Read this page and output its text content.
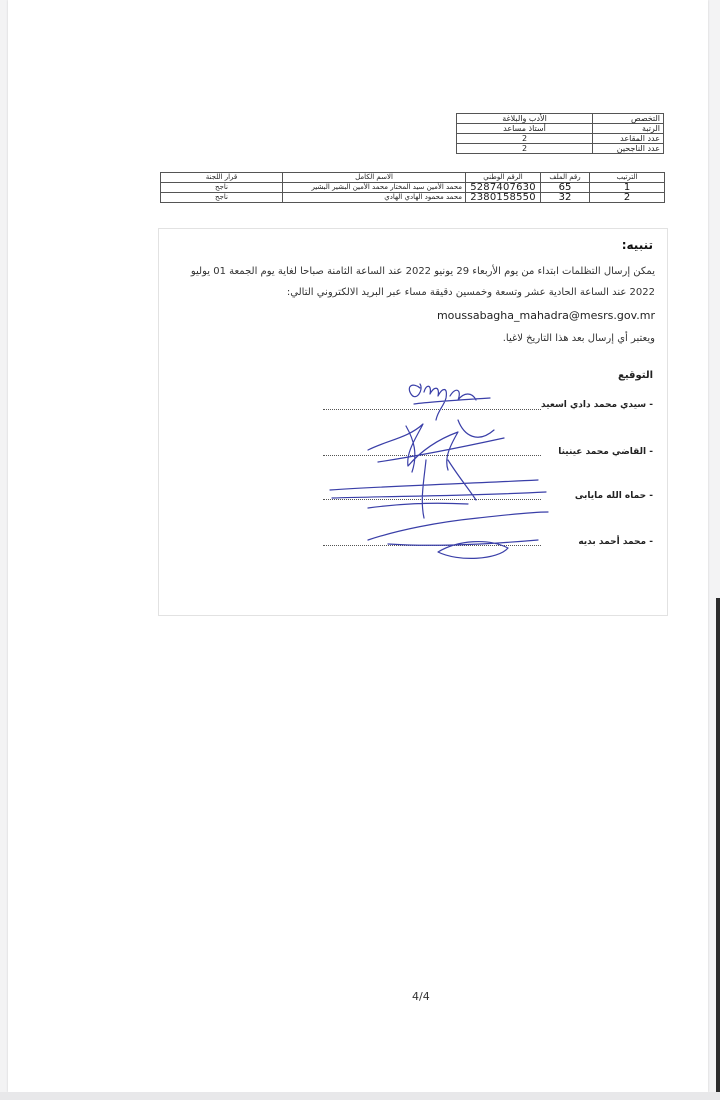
التخصص	الأدب والبلاغة
الرتبة	أستاذ مساعد
عدد المقاعد	2
عدد الناجحين	2
الترتيب	رقم الملف	الرقم الوطني	الاسم الكامل	قرار اللجنة
1	65	5287407630	محمد الأمين سيد المختار محمد الأمين البشير البشير	ناجح
2	32	2380158550	محمد محمود الهادي الهادي	ناجح
تنبيه:
يمكن إرسال التظلمات ابتداء من يوم الأربعاء 29 يونيو 2022 عند الساعة الثامنة صباحا لغاية يوم الجمعة 01 يوليو
2022 عند الساعة الحادية عشر وتسعة وخمسين دقيقة مساء عبر البريد الالكتروني التالي:
moussabagha_mahadra@mesrs.gov.mr
ويعتبر أي إرسال بعد هذا التاريخ لاغيا.
التوقيع
- سيدي محمد دادي اسعيد
- القاضي محمد عينينا
- حماه الله مايابى
- محمد أحمد بديه
4/4
